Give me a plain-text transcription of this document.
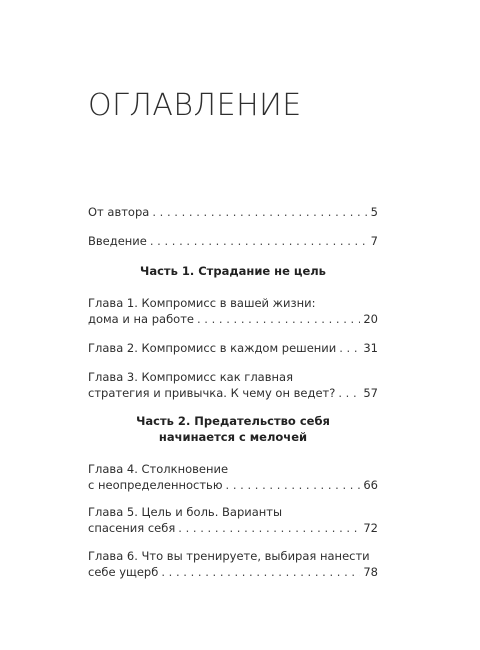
ОГЛАВЛЕНИЕ
От автора . . .	5
Введение . . .	7
Часть 1. Страдание не цель
Глава 1. Компромисс в вашей жизни:
дома и на работе . . .	20
Глава 2. Компромисс в каждом решении . . . 31
Глава 3. Компромисс как главная
стратегия и привычка. К чему он ведет? . . . 57
Часть 2. Предательство себя
начинается с мелочей
Глава 4. Столкновение
с неопределенностью . . .	66
Глава 5. Цель и боль. Варианты
спасения себя . . .	72
Глава 6. Что вы тренируете, выбирая нанести
себе ущерб . . .	78
